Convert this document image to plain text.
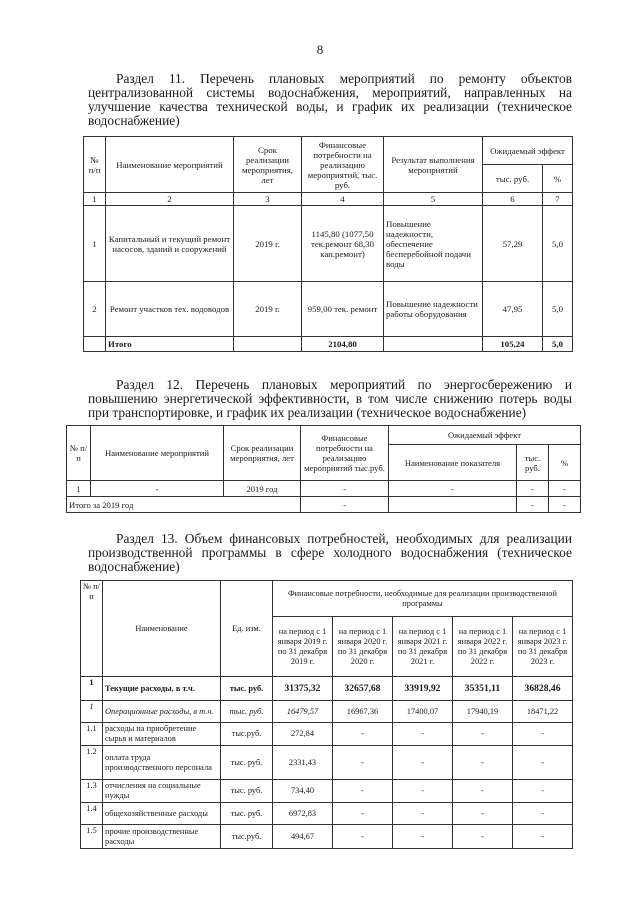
8
Раздел 11. Перечень плановых мероприятий по ремонту объектов централизованной системы водоснабжения, мероприятий, направленных на улучшение качества технической воды, и график их реализации (техническое водоснабжение)
№ п/п	Наименование мероприятий	Срок реализации мероприятия, лет	Финансовые потребности на реализацию мероприятий, тыс. руб.	Результат выполнения мероприятий	Ожидаемый эффект	
					тыс. руб.	%
1	2	3	4	5	6	7
1	Капитальный и текущий ремонт насосов, зданий и сооружений	2019 г.	1145,80 (1077,50 тек.ремонт 68,30 кап.ремонт)	Повышение надежности, обеспечение бесперебойной подачи воды	57,29	5,0
2	Ремонт участков тех. водоводов	2019 г.	959,00 тек. ремонт	Повышение надежности работы оборудования	47,95	5,0
	Итого		2104,80		105,24	5,0
Раздел 12. Перечень плановых мероприятий по энергосбережению и повышению энергетической эффективности, в том числе снижению потерь воды при транспортировке, и график их реализации (техническое водоснабжение)
№ п/п	Наименование мероприятий	Срок реализации мероприятия, лет	Финансовые потребности на реализацию мероприятий тыс.руб.	Ожидаемый эффект		
				Наименование показателя	тыс. руб.	%
1	-	2019 год	-	-	-	-
Итого за 2019 год			-		-	-
Раздел 13. Объем финансовых потребностей, необходимых для реализации производственной программы в сфере холодного водоснабжения (техническое водоснабжение)
№ п/п	Наименование	Ед. изм.	Финансовые потребности, необходимые для реализации производственной программы				
			на период с 1 января 2019 г. по 31 декабря 2019 г.	на период с 1 января 2020 г. по 31 декабря 2020 г.	на период с 1 января 2021 г. по 31 декабря 2021 г.	на период с 1 января 2022 г. по 31 декабря 2022 г.	на период с 1 января 2023 г. по 31 декабря 2023 г.
1	Текущие расходы, в т.ч.	тыс. руб.	31375,32	32657,68	33919,92	35351,11	36828,46
1	Операционные расходы, в т.ч.	тыс. руб.	16479,57	16967,36	17400,07	17940,19	18471,22
1.1	расходы на приобретение сырья и материалов	тыс.руб.	272,84	-	-	-	-
1.2	оплата труда производственного персонала	тыс. руб.	2331,43	-	-	-	-
1.3	отчисления на социальные нужды	тыс. руб.	734,40	-	-	-	-
1.4	общехозяйственные расходы	тыс. руб.	6972,83	-	-	-	-
1.5	прочие производственные расходы	тыс.руб.	494,67	-	-	-	-
